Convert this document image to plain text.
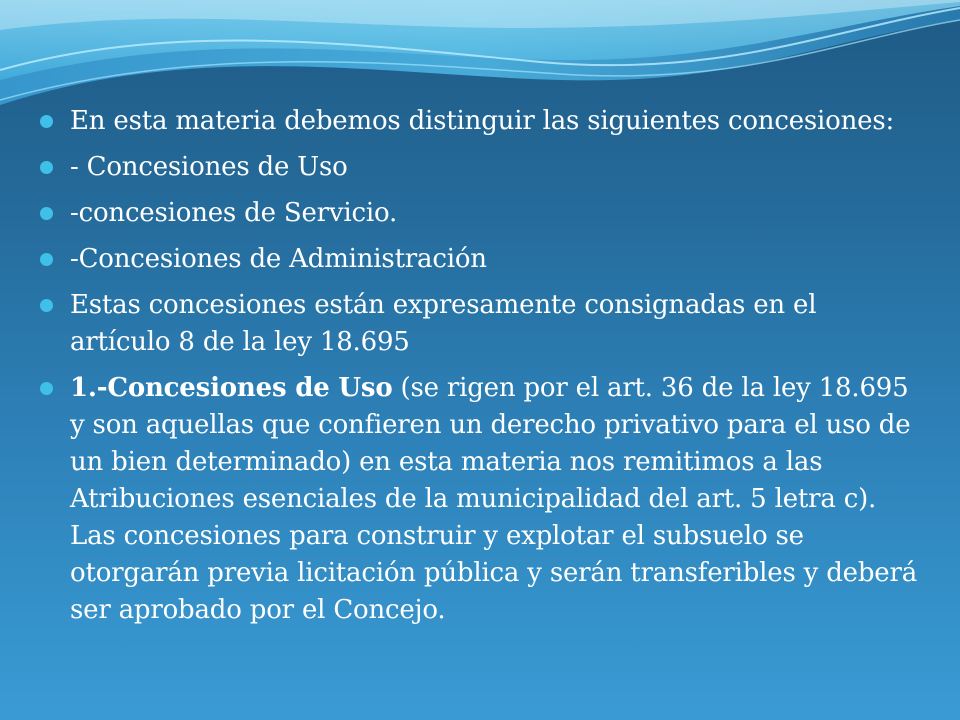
En esta materia debemos distinguir las siguientes concesiones:
- Concesiones de Uso
-concesiones de Servicio.
-Concesiones de Administración
Estas concesiones están expresamente consignadas en el artículo 8 de la ley 18.695
1.-Concesiones de Uso (se rigen por el art. 36 de la ley 18.695 y son aquellas que confieren un derecho privativo para el uso de un bien determinado) en esta materia nos remitimos a las Atribuciones esenciales de la municipalidad del art. 5 letra c). Las concesiones para construir y explotar el subsuelo se otorgarán previa licitación pública y serán transferibles y deberá ser aprobado por el Concejo.
